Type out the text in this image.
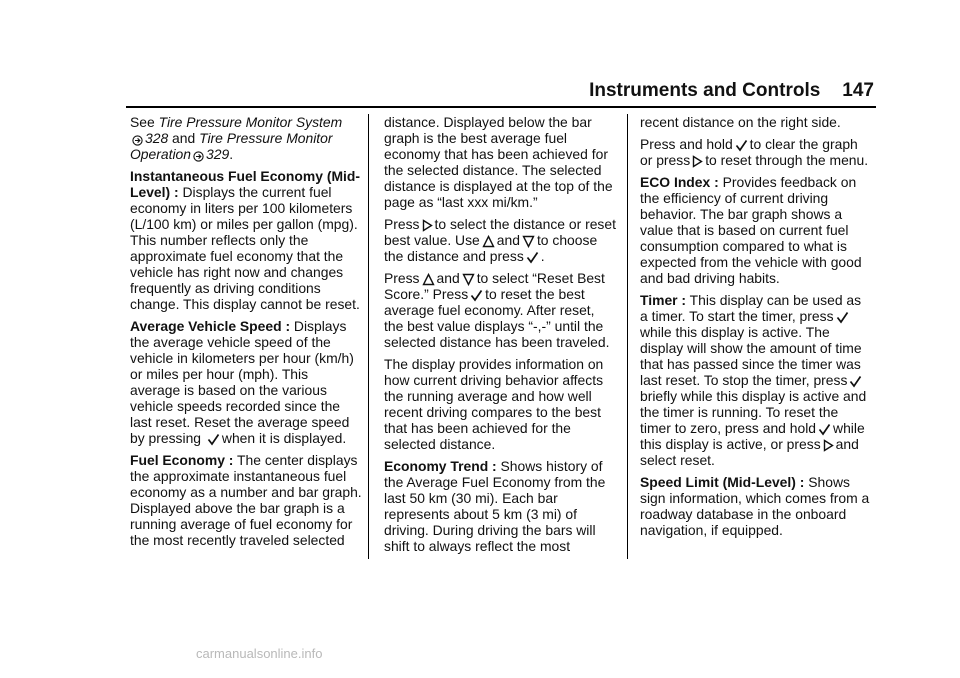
Instruments and Controls 147

See Tire Pressure Monitor System

328 and Tire Pressure Monitor Operation 329.

Instantaneous Fuel Economy (Mid-Level) : Displays the current fuel economy in liters per 100 kilometers (L/100 km) or miles per gallon (mpg). This number reflects only the approximate fuel economy that the vehicle has right now and changes frequently as driving conditions change. This display cannot be reset.

Average Vehicle Speed : Displays the average vehicle speed of the vehicle in kilometers per hour (km/h) or miles per hour (mph). This average is based on the various vehicle speeds recorded since the last reset. Reset the average speed by pressing when it is displayed.

Fuel Economy : The center displays the approximate instantaneous fuel economy as a number and bar graph. Displayed above the bar graph is a running average of fuel economy for the most recently traveled selected

distance. Displayed below the bar graph is the best average fuel economy that has been achieved for the selected distance. The selected distance is displayed at the top of the page as “last xxx mi/km.”

Press to select the distance or reset best value. Use and to choose the distance and press .

Press and to select “Reset Best Score.” Press to reset the best average fuel economy. After reset, the best value displays “-,-” until the selected distance has been traveled.

The display provides information on how current driving behavior affects the running average and how well recent driving compares to the best that has been achieved for the selected distance.

Economy Trend : Shows history of the Average Fuel Economy from the last 50 km (30 mi). Each bar represents about 5 km (3 mi) of driving. During driving the bars will shift to always reflect the most

recent distance on the right side.

Press and hold to clear the graph or press to reset through the menu.

ECO Index : Provides feedback on the efficiency of current driving behavior. The bar graph shows a value that is based on current fuel consumption compared to what is expected from the vehicle with good and bad driving habits.

Timer : This display can be used as a timer. To start the timer, press
while this display is active. The display will show the amount of time that has passed since the timer was last reset. To stop the timer, press
briefly while this display is active and the timer is running. To reset the timer to zero, press and hold while this display is active, or press and select reset.

Speed Limit (Mid-Level) : Shows sign information, which comes from a roadway database in the onboard navigation, if equipped.

carmanualsonline.info
